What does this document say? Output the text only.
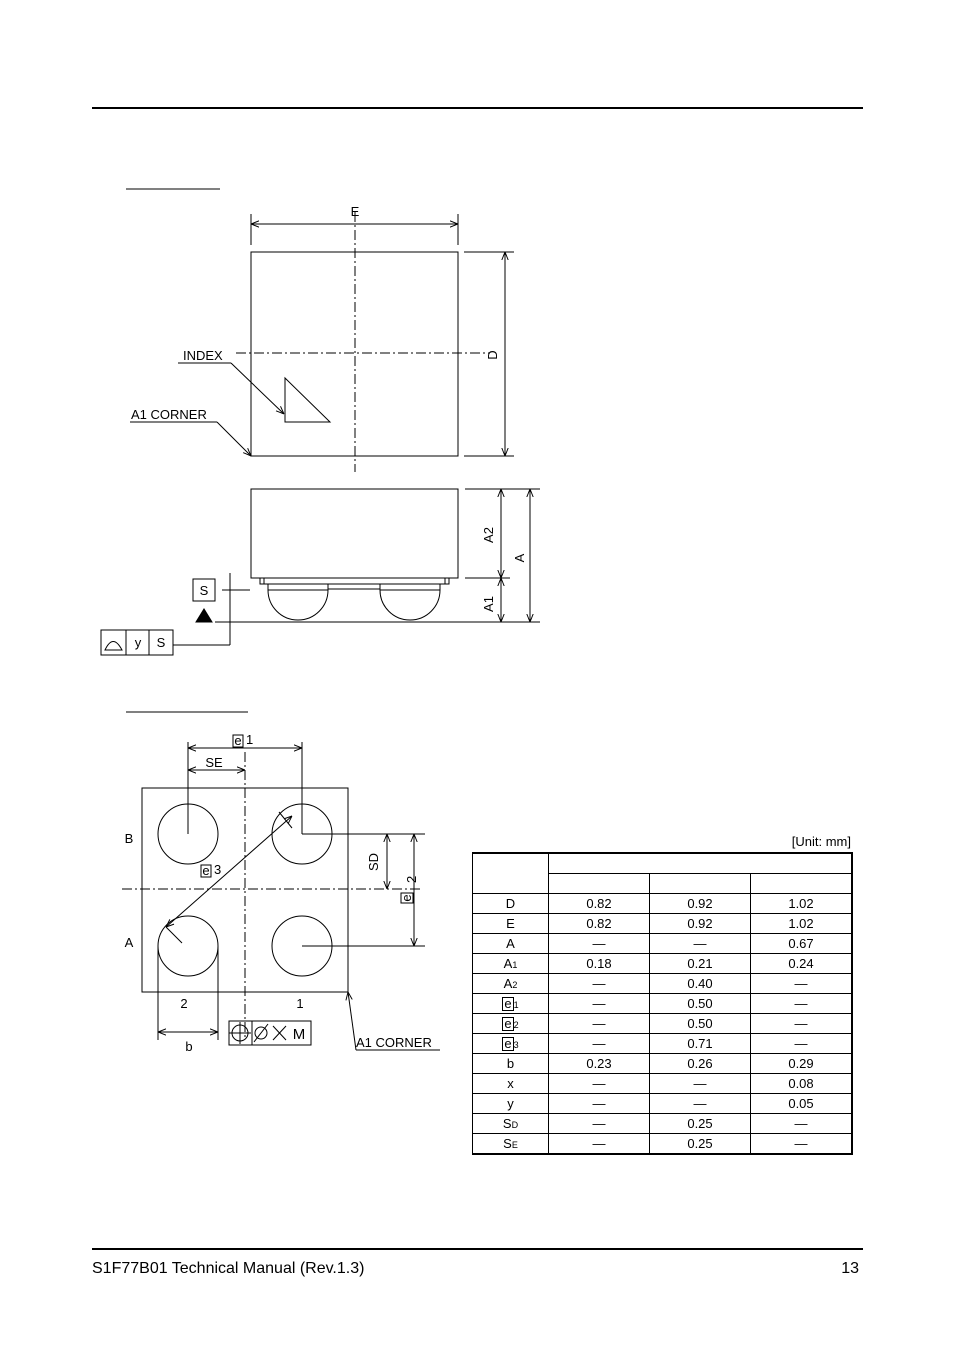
E
D
INDEX
A1 CORNER
A2
A
A1
S
y S
e 1
SE
e 3	SD
e
2
B
A
2	1
b
M	A1 CORNER
[Unit: mm]

D	0.82	0.92	1.02
E	0.82	0.92	1.02
A	—	—	0.67
A1	0.18	0.21	0.24
A2	—	0.40	—
e 1	—	0.50	—
e 2	—	0.50	—
e 3	—	0.71	—
b	0.23	0.26	0.29
x	—	—	0.08
y	—	—	0.05
SD	—	0.25	—
SE	—	0.25	—
S1F77B01 Technical Manual (Rev.1.3)	13
